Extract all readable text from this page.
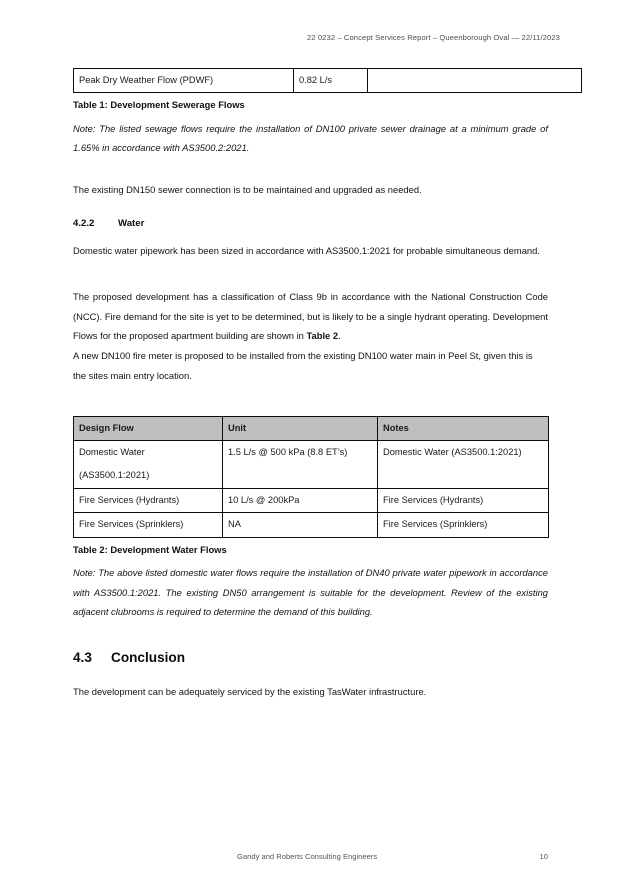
22 0232 – Concept Services Report – Queenborough Oval — 22/11/2023
Peak Dry Weather Flow (PDWF)	0.82 L/s	
Table 1: Development Sewerage Flows
Note: The listed sewage flows require the installation of DN100 private sewer drainage at a minimum grade of 1.65% in accordance with AS3500.2:2021.

The existing DN150 sewer connection is to be maintained and upgraded as needed.

4.2.2 Water

Domestic water pipework has been sized in accordance with AS3500.1:2021 for probable simultaneous demand.

The proposed development has a classification of Class 9b in accordance with the National Construction Code (NCC). Fire demand for the site is yet to be determined, but is likely to be a single hydrant operating. Development Flows for the proposed apartment building are shown in Table 2.

A new DN100 fire meter is proposed to be installed from the existing DN100 water main in Peel St, given this is the sites main entry location.

Design Flow	Unit	Notes

Domestic Water
(AS3500.1:2021)	1.5 L/s @ 500 kPa (8.8 ET’s)	Domestic Water (AS3500.1:2021)
Fire Services (Hydrants)	10 L/s @ 200kPa	Fire Services (Hydrants)
Fire Services (Sprinklers)	NA	Fire Services (Sprinklers)
Table 2: Development Water Flows
Note: The above listed domestic water flows require the installation of DN40 private water pipework in accordance with AS3500.1:2021. The existing DN50 arrangement is suitable for the development. Review of the existing adjacent clubrooms is required to determine the demand of this building.
4.3 Conclusion

The development can be adequately serviced by the existing TasWater infrastructure.

Gandy and Roberts Consulting Engineers	10
